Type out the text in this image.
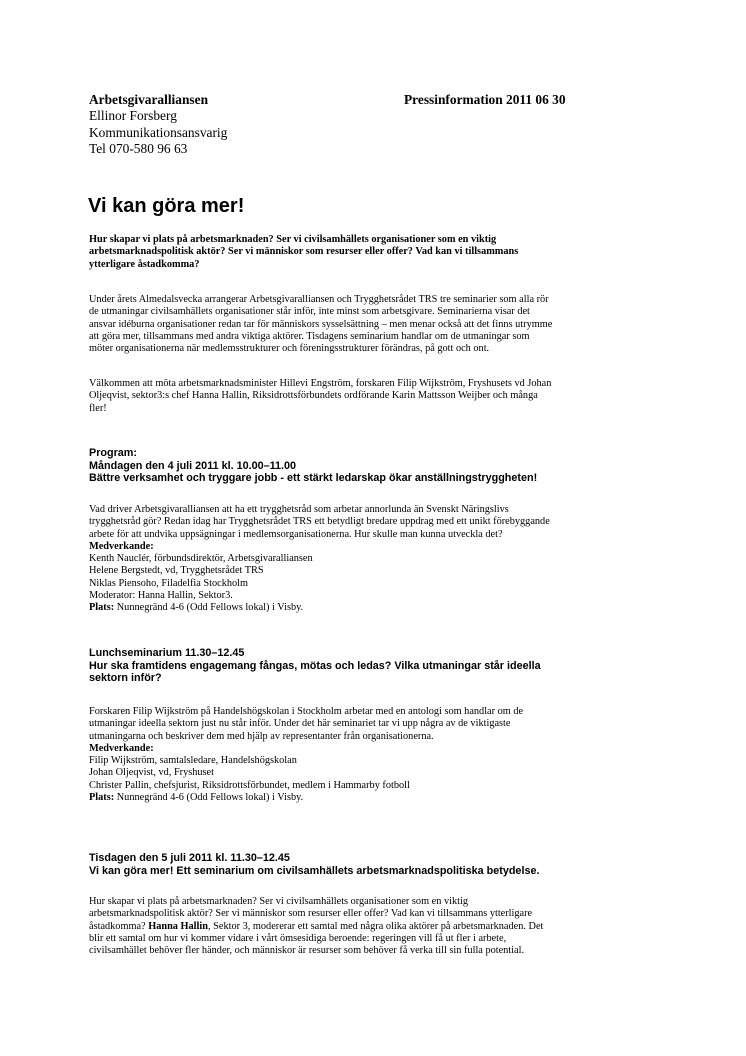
Arbetsgivaralliansen
Ellinor Forsberg
Kommunikationsansvarig
Tel 070-580 96 63
Pressinformation 2011 06 30
Vi kan göra mer!
Hur skapar vi plats på arbetsmarknaden? Ser vi civilsamhällets organisationer som en viktig
arbetsmarknadspolitisk aktör? Ser vi människor som resurser eller offer? Vad kan vi tillsammans
ytterligare åstadkomma?
Under årets Almedalsvecka arrangerar Arbetsgivaralliansen och Trygghetsrådet TRS tre seminarier som alla rör
de utmaningar civilsamhällets organisationer står inför, inte minst som arbetsgivare. Seminarierna visar det
ansvar idéburna organisationer redan tar för människors sysselsättning – men menar också att det finns utrymme
att göra mer, tillsammans med andra viktiga aktörer. Tisdagens seminarium handlar om de utmaningar som
möter organisationerna när medlemsstrukturer och föreningsstrukturer förändras, på gott och ont.
Välkommen att möta arbetsmarknadsminister Hillevi Engström, forskaren Filip Wijkström, Fryshusets vd Johan
Oljeqvist, sektor3:s chef Hanna Hallin, Riksidrottsförbundets ordförande Karin Mattsson Weijber och många
fler!
Program:
Måndagen den 4 juli 2011 kl. 10.00–11.00
Bättre verksamhet och tryggare jobb - ett stärkt ledarskap ökar anställningstryggheten!
Vad driver Arbetsgivaralliansen att ha ett trygghetsråd som arbetar annorlunda än Svenskt Näringslivs
trygghetsråd gör? Redan idag har Trygghetsrådet TRS ett betydligt bredare uppdrag med ett unikt förebyggande
arbete för att undvika uppsägningar i medlemsorganisationerna. Hur skulle man kunna utveckla det?
Medverkande:
Kenth Nauclér, förbundsdirektör, Arbetsgivaralliansen
Helene Bergstedt, vd, Trygghetsrådet TRS
Niklas Piensoho, Filadelfia Stockholm
Moderator: Hanna Hallin, Sektor3.
Plats: Nunnegränd 4-6 (Odd Fellows lokal) i Visby.
Lunchseminarium 11.30–12.45
Hur ska framtidens engagemang fångas, mötas och ledas? Vilka utmaningar står ideella
sektorn inför?
Forskaren Filip Wijkström på Handelshögskolan i Stockholm arbetar med en antologi som handlar om de
utmaningar ideella sektorn just nu står inför. Under det här seminariet tar vi upp några av de viktigaste
utmaningarna och beskriver dem med hjälp av representanter från organisationerna.
Medverkande:
Filip Wijkström, samtalsledare, Handelshögskolan
Johan Oljeqvist, vd, Fryshuset
Christer Pallin, chefsjurist, Riksidrottsförbundet, medlem i Hammarby fotboll
Plats: Nunnegränd 4-6 (Odd Fellows lokal) i Visby.
Tisdagen den 5 juli 2011 kl. 11.30–12.45
Vi kan göra mer! Ett seminarium om civilsamhällets arbetsmarknadspolitiska betydelse.
Hur skapar vi plats på arbetsmarknaden? Ser vi civilsamhällets organisationer som en viktig
arbetsmarknadspolitisk aktör? Ser vi människor som resurser eller offer? Vad kan vi tillsammans ytterligare
åstadkomma? Hanna Hallin, Sektor 3, modererar ett samtal med några olika aktörer på arbetsmarknaden. Det
blir ett samtal om hur vi kommer vidare i vårt ömsesidiga beroende: regeringen vill få ut fler i arbete,
civilsamhället behöver fler händer, och människor är resurser som behöver få verka till sin fulla potential.
